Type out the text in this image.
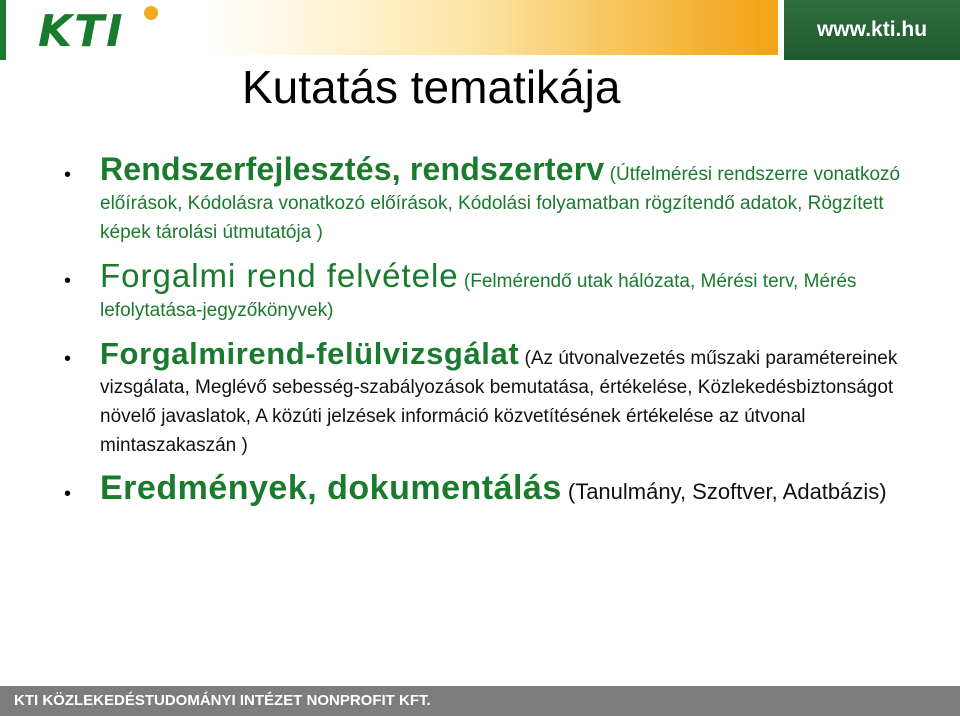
KTI	www.kti.hu
Kutatás tematikája
• Rendszerfejlesztés, rendszerterv (Útfelmérési rendszerre vonatkozó előírások, Kódolásra vonatkozó előírások, Kódolási folyamatban rögzítendő adatok, Rögzített képek tárolási útmutatója )
• Forgalmi rend felvétele (Felmérendő utak hálózata, Mérési terv, Mérés lefolytatása-jegyzőkönyvek)
• Forgalmirend-felülvizsgálat (Az útvonalvezetés műszaki paramétereinek vizsgálata, Meglévő sebesség-szabályozások bemutatása, értékelése, Közlekedésbiztonságot növelő javaslatok, A közúti jelzések információ közvetítésének értékelése az útvonal mintaszakaszán )
• Eredmények, dokumentálás (Tanulmány, Szoftver, Adatbázis)
KTI KÖZLEKEDÉSTUDOMÁNYI INTÉZET NONPROFIT KFT.
